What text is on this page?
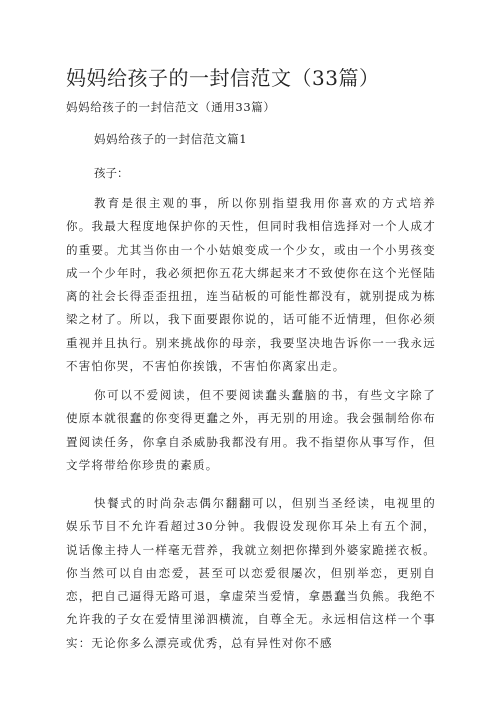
妈妈给孩子的一封信范文（33篇）
妈妈给孩子的一封信范文（通用33篇）
妈妈给孩子的一封信范文篇1
孩子：

教育是很主观的事，所以你别指望我用你喜欢的方式培养你。我最大程度地保护你的天性，但同时我相信选择对一个人成才的重要。尤其当你由一个小姑娘变成一个少女，或由一个小男孩变成一个少年时，我必须把你五花大绑起来才不致使你在这个光怪陆离的社会长得歪歪扭扭，连当砧板的可能性都没有，就别提成为栋梁之材了。所以，我下面要跟你说的，话可能不近情理，但你必须重视并且执行。别来挑战你的母亲，我要坚决地告诉你一一我永远不害怕你哭，不害怕你挨饿，不害怕你离家出走。

你可以不爱阅读，但不要阅读蠢头蠢脑的书，有些文字除了使原本就很蠢的你变得更蠢之外，再无别的用途。我会强制给你布置阅读任务，你拿自杀威胁我都没有用。我不指望你从事写作，但文学将带给你珍贵的素质。

快餐式的时尚杂志偶尔翻翻可以，但别当圣经读，电视里的娱乐节目不允许看超过30分钟。我假设发现你耳朵上有五个洞，说话像主持人一样毫无营养，我就立刻把你撵到外婆家跪搓衣板。你当然可以自由恋爱，甚至可以恋爱很屡次，但别举恋，更别自恋，把自己逼得无路可退，拿虚荣当爱情，拿愚蠢当负熊。我绝不允许我的子女在爱情里涕泗横流，自尊全无。永远相信这样一个事实：无论你多么漂亮或优秀，总有异性对你不感
